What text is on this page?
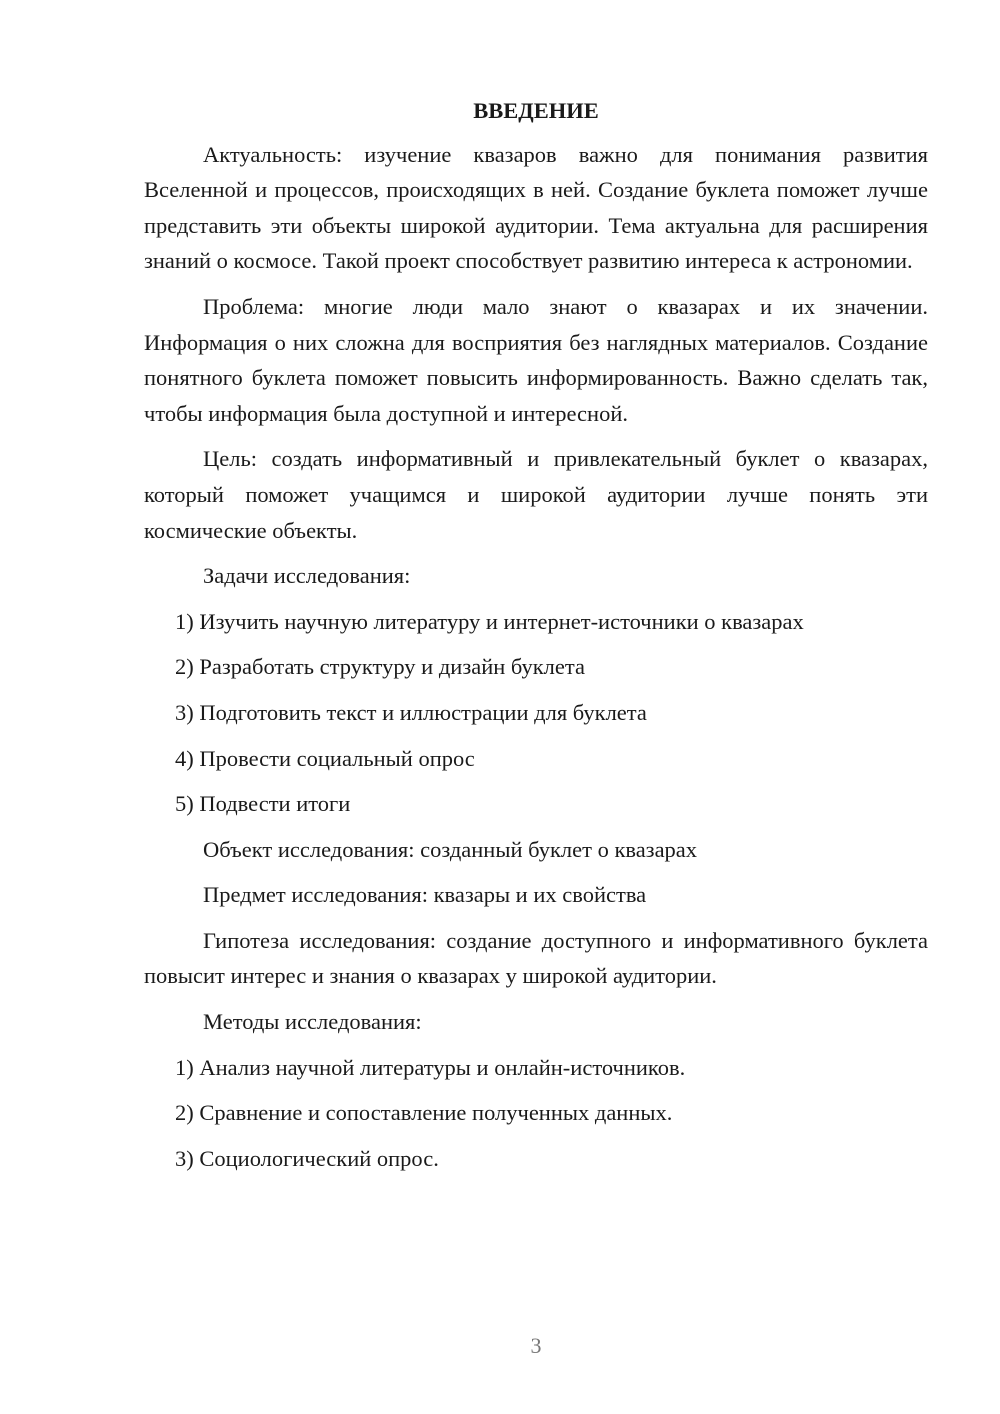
ВВЕДЕНИЕ
Актуальность: изучение квазаров важно для понимания развития Вселенной и процессов, происходящих в ней. Создание буклета поможет лучше представить эти объекты широкой аудитории. Тема актуальна для расширения знаний о космосе. Такой проект способствует развитию интереса к астрономии.
Проблема: многие люди мало знают о квазарах и их значении. Информация о них сложна для восприятия без наглядных материалов. Создание понятного буклета поможет повысить информированность. Важно сделать так, чтобы информация была доступной и интересной.
Цель: создать информативный и привлекательный буклет о квазарах, который поможет учащимся и широкой аудитории лучше понять эти космические объекты.
Задачи исследования:
1) Изучить научную литературу и интернет-источники о квазарах
2) Разработать структуру и дизайн буклета
3) Подготовить текст и иллюстрации для буклета
4) Провести социальный опрос
5) Подвести итоги
Объект исследования: созданный буклет о квазарах
Предмет исследования: квазары и их свойства
Гипотеза исследования: создание доступного и информативного буклета повысит интерес и знания о квазарах у широкой аудитории.
Методы исследования:
1) Анализ научной литературы и онлайн-источников.
2) Сравнение и сопоставление полученных данных.
3) Социологический опрос.
3
